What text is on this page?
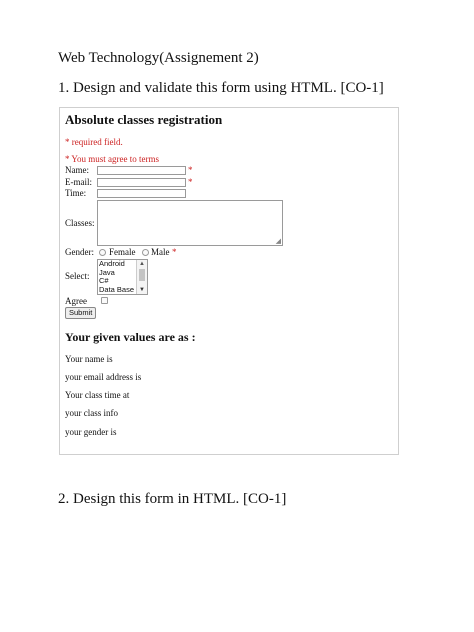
Web Technology(Assignement 2)
1. Design and validate this form using HTML. [CO-1]
Absolute classes registration
* required field.
* You must agree to terms
Name:	*
E-mail:	*
Time:
Classes:
◢
Gender: Female Male *
Select:
Android
Java
C#
Data Base
▲
▼
Agree
Submit
Your given values are as :
Your name is
your email address is
Your class time at
your class info
your gender is
2. Design this form in HTML. [CO-1]
